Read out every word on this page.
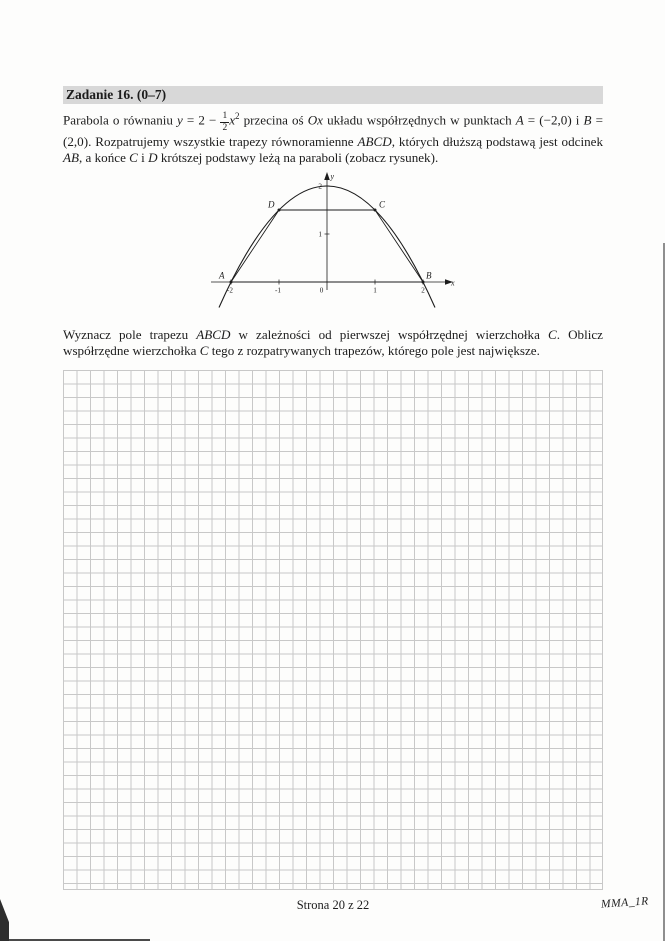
Zadanie 16. (0–7)

Parabola o równaniu $y = 2 - \frac{1}{2} x^2$ przecina oś Ox układu współrzędnych w punktach A = (−2,0) i B = (2,0). Rozpatrujemy wszystkie trapezy równoramienne ABCD, których dłuższą podstawą jest odcinek AB, a końce C i D krótszej podstawy leżą na paraboli (zobacz rysunek).

-2	-1	0	1	2
1
2
A	B
C
D
x
y

Wyznacz pole trapezu ABCD w zależności od pierwszej współrzędnej wierzchołka C. Oblicz współrzędne wierzchołka C tego z rozpatrywanych trapezów, którego pole jest największe.

Strona 20 z 22	MMA_1R
